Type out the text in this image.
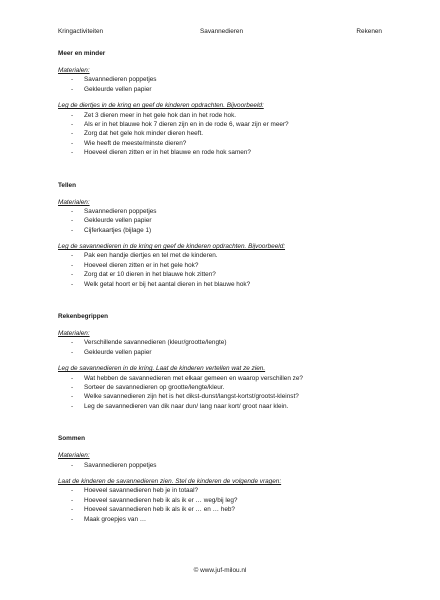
Kringactiviteiten	Savannedieren	Rekenen
Meer en minder
Materialen:
- Savannedieren poppetjes
- Gekleurde vellen papier
Leg de diertjes in de kring en geef de kinderen opdrachten. Bijvoorbeeld:
- Zet 3 dieren meer in het gele hok dan in het rode hok.
- Als er in het blauwe hok 7 dieren zijn en in de rode 6, waar zijn er meer?
- Zorg dat het gele hok minder dieren heeft.
- Wie heeft de meeste/minste dieren?
- Hoeveel dieren zitten er in het blauwe en rode hok samen?
Tellen
Materialen:
- Savannedieren poppetjes
- Gekleurde vellen papier
- Cijferkaartjes (bijlage 1)
Leg de savannedieren in de kring en geef de kinderen opdrachten. Bijvoorbeeld:
- Pak een handje diertjes en tel met de kinderen.
- Hoeveel dieren zitten er in het gele hok?
- Zorg dat er 10 dieren in het blauwe hok zitten?
- Welk getal hoort er bij het aantal dieren in het blauwe hok?
Rekenbegrippen
Materialen:
- Verschillende savannedieren (kleur/grootte/lengte)
- Gekleurde vellen papier
Leg de savannedieren in de kring. Laat de kinderen vertellen wat ze zien.
- Wat hebben de savannedieren met elkaar gemeen en waarop verschillen ze?
- Sorteer de savannedieren op grootte/lengte/kleur.
- Welke savannedieren zijn het is het dikst-dunst/langst-kortst/grootst-kleinst?
- Leg de savannedieren van dik naar dun/ lang naar kort/ groot naar klein.
Sommen
Materialen:
- Savannedieren poppetjes
Laat de kinderen de savannedieren zien. Stel de kinderen de volgende vragen:
- Hoeveel savannedieren heb je in totaal?
- Hoeveel savannedieren heb ik als ik er … weg/bij leg?
- Hoeveel savannedieren heb ik als ik er … en … heb?
- Maak groepjes van …
© www.juf-milou.nl
